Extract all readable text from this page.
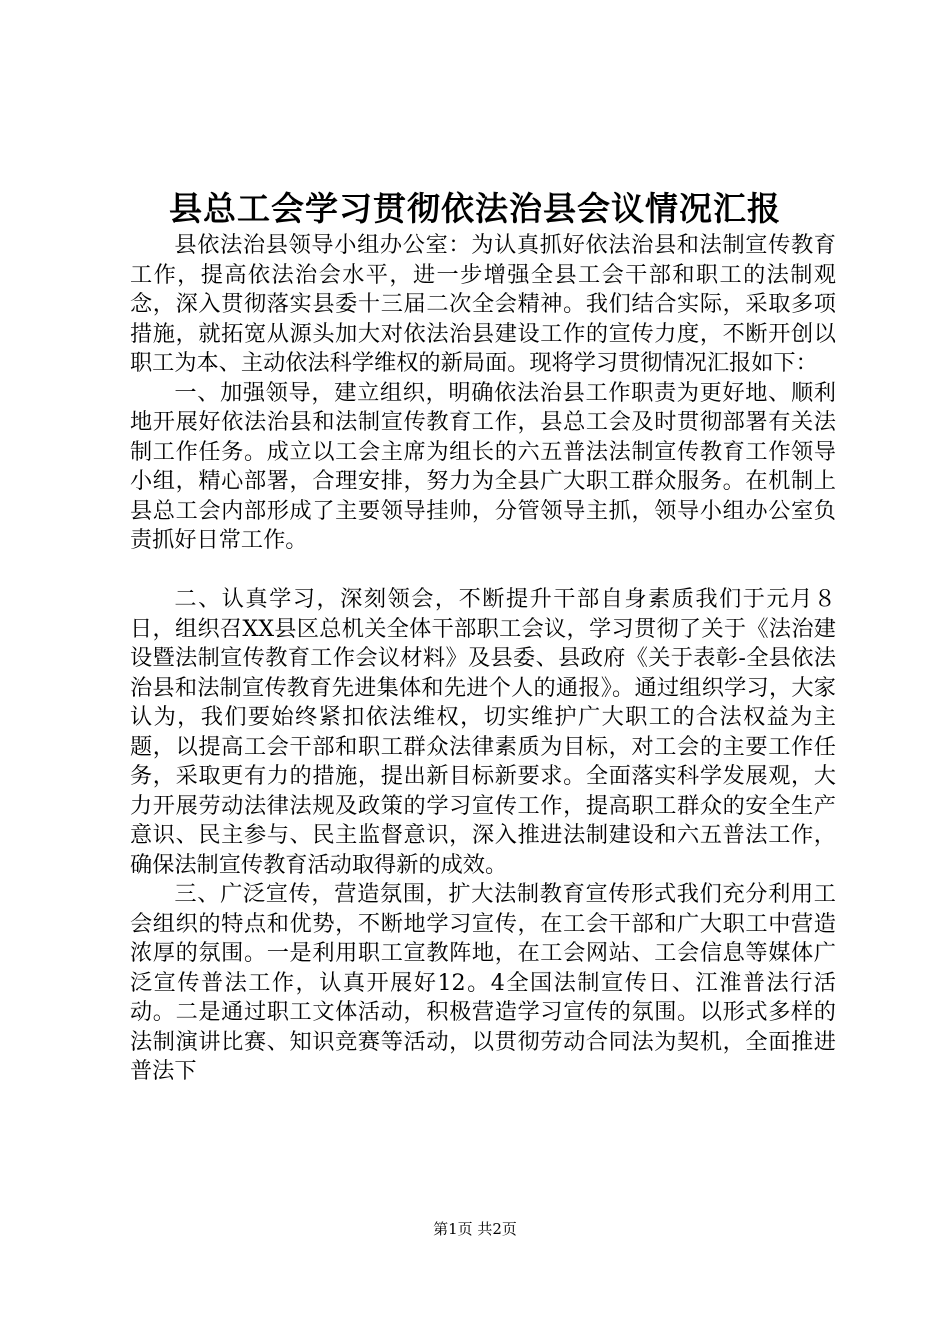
县总工会学习贯彻依法治县会议情况汇报

县依法治县领导小组办公室：为认真抓好依法治县和法制宣传教育工作，提高依法治会水平，进一步增强全县工会干部和职工的法制观念，深入贯彻落实县委十三届二次全会精神。我们结合实际，采取多项措施，就拓宽从源头加大对依法治县建设工作的宣传力度，不断开创以职工为本、主动依法科学维权的新局面。现将学习贯彻情况汇报如下：

一、加强领导，建立组织，明确依法治县工作职责为更好地、顺利地开展好依法治县和法制宣传教育工作，县总工会及时贯彻部署有关法制工作任务。成立以工会主席为组长的六五普法法制宣传教育工作领导小组，精心部署，合理安排，努力为全县广大职工群众服务。在机制上县总工会内部形成了主要领导挂帅，分管领导主抓，领导小组办公室负责抓好日常工作。

二、认真学习，深刻领会，不断提升干部自身素质我们于元月８日，组织召XX县区总机关全体干部职工会议，学习贯彻了关于《法治建设暨法制宣传教育工作会议材料》及县委、县政府《关于表彰-全县依法治县和法制宣传教育先进集体和先进个人的通报》。通过组织学习，大家认为，我们要始终紧扣依法维权，切实维护广大职工的合法权益为主题，以提高工会干部和职工群众法律素质为目标，对工会的主要工作任务，采取更有力的措施，提出新目标新要求。全面落实科学发展观，大力开展劳动法律法规及政策的学习宣传工作，提高职工群众的安全生产意识、民主参与、民主监督意识，深入推进法制建设和六五普法工作，确保法制宣传教育活动取得新的成效。

三、广泛宣传，营造氛围，扩大法制教育宣传形式我们充分利用工会组织的特点和优势，不断地学习宣传，在工会干部和广大职工中营造浓厚的氛围。一是利用职工宣教阵地，在工会网站、工会信息等媒体广泛宣传普法工作，认真开展好12。4全国法制宣传日、江淮普法行活动。二是通过职工文体活动，积极营造学习宣传的氛围。以形式多样的法制演讲比赛、知识竞赛等活动，以贯彻劳动合同法为契机，全面推进普法下

第1页 共2页
